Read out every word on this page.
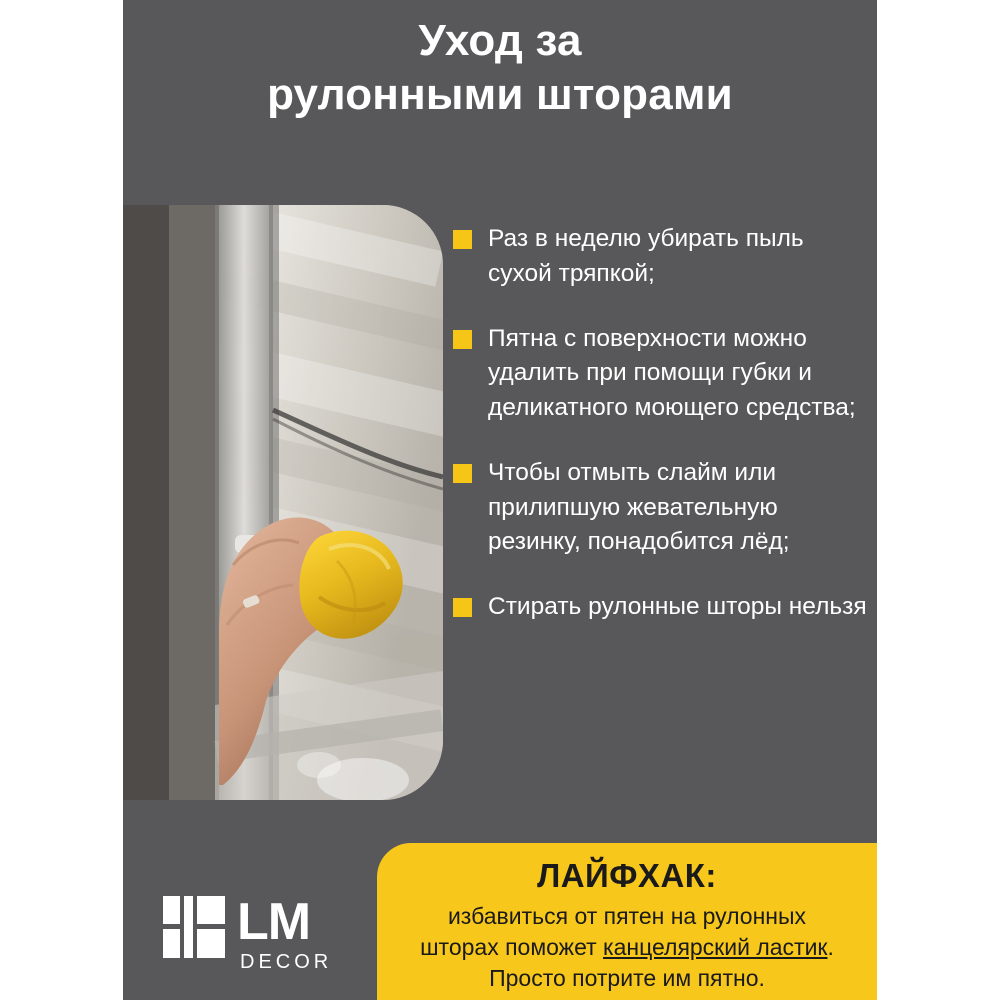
Уход за
рулонными шторами
Раз в неделю убирать пыль сухой тряпкой;
Пятна с поверхности можно удалить при помощи губки и деликатного моющего средства;
Чтобы отмыть слайм или прилипшую жевательную резинку, понадобится лёд;
Стирать рулонные шторы нельзя
LM
DECOR
ЛАЙФХАК:
избавиться от пятен на рулонных
шторах поможет канцелярский ластик.
Просто потрите им пятно.
